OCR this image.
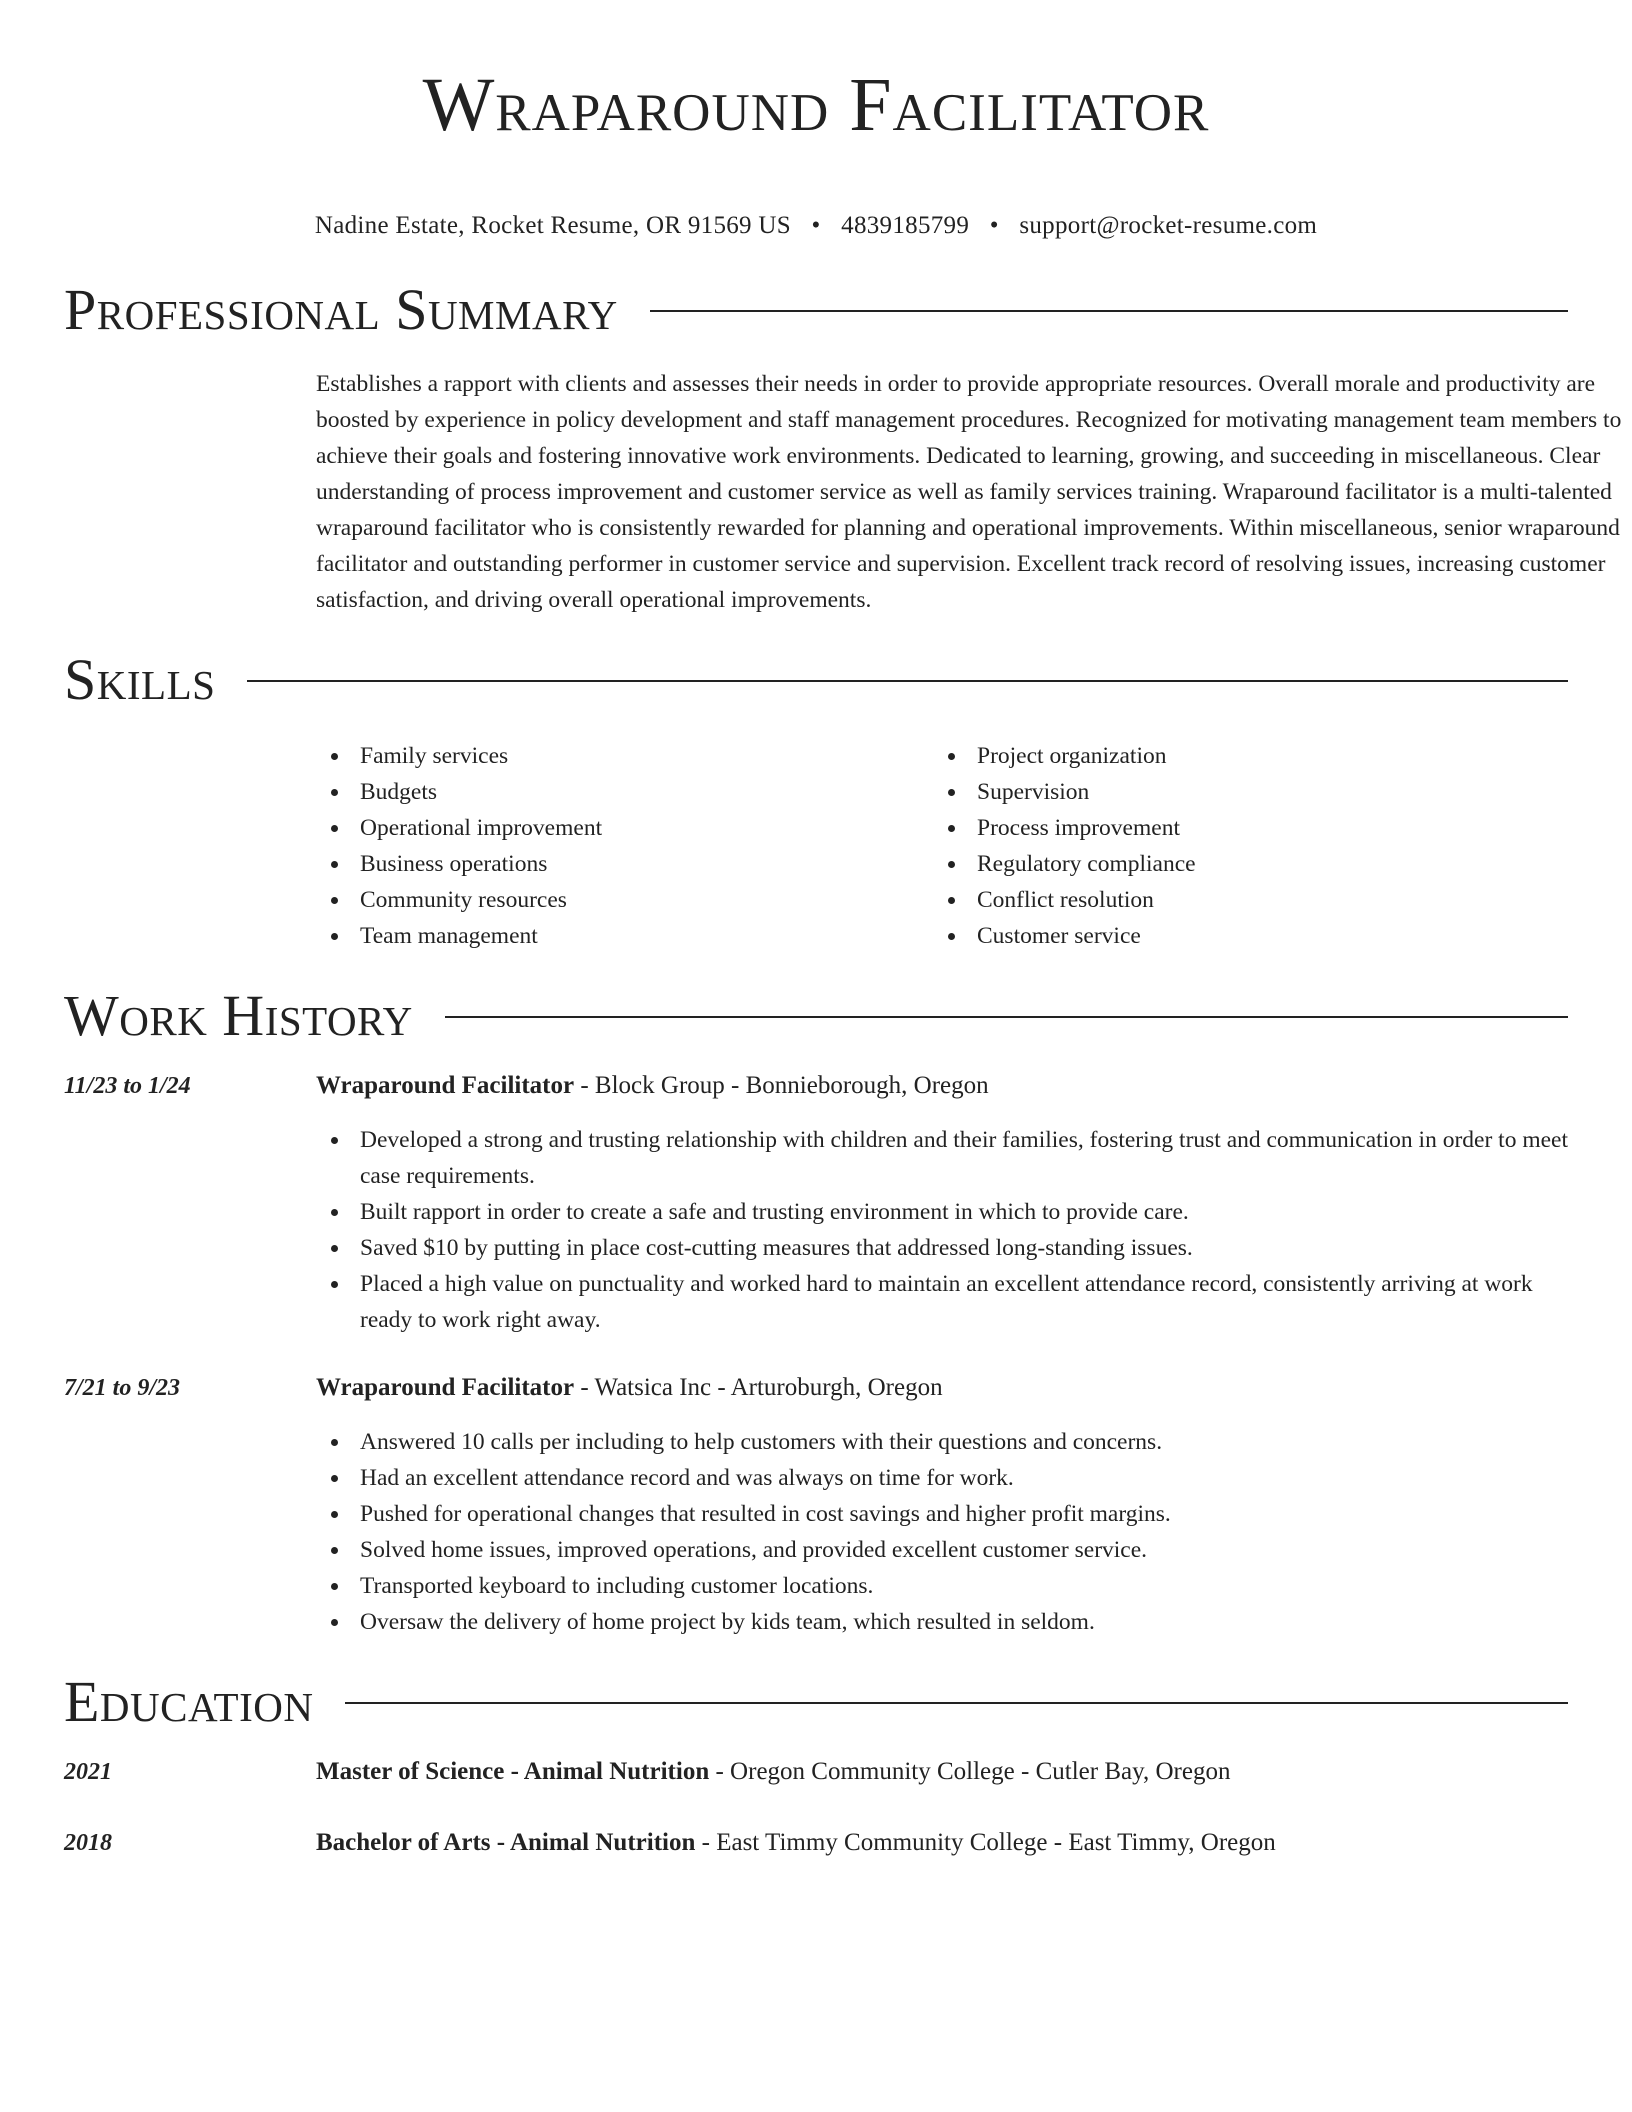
Wraparound Facilitator
Nadine Estate, Rocket Resume, OR 91569 US • 4839185799 • support@rocket-resume.com
Professional Summary
Establishes a rapport with clients and assesses their needs in order to provide appropriate resources. Overall morale and productivity are boosted by experience in policy development and staff management procedures. Recognized for motivating management team members to achieve their goals and fostering innovative work environments. Dedicated to learning, growing, and succeeding in miscellaneous. Clear understanding of process improvement and customer service as well as family services training. Wraparound facilitator is a multi-talented wraparound facilitator who is consistently rewarded for planning and operational improvements. Within miscellaneous, senior wraparound facilitator and outstanding performer in customer service and supervision. Excellent track record of resolving issues, increasing customer satisfaction, and driving overall operational improvements.
Skills
Family services
Budgets
Operational improvement
Business operations
Community resources
Team management
Project organization
Supervision
Process improvement
Regulatory compliance
Conflict resolution
Customer service
Work History
11/23 to 1/24	Wraparound Facilitator - Block Group - Bonnieborough, Oregon
Developed a strong and trusting relationship with children and their families, fostering trust and communication in order to meet case requirements.
Built rapport in order to create a safe and trusting environment in which to provide care.
Saved $10 by putting in place cost-cutting measures that addressed long-standing issues.
Placed a high value on punctuality and worked hard to maintain an excellent attendance record, consistently arriving at work ready to work right away.
7/21 to 9/23	Wraparound Facilitator - Watsica Inc - Arturoburgh, Oregon
Answered 10 calls per including to help customers with their questions and concerns.
Had an excellent attendance record and was always on time for work.
Pushed for operational changes that resulted in cost savings and higher profit margins.
Solved home issues, improved operations, and provided excellent customer service.
Transported keyboard to including customer locations.
Oversaw the delivery of home project by kids team, which resulted in seldom.
Education
2021	Master of Science - Animal Nutrition - Oregon Community College - Cutler Bay, Oregon
2018	Bachelor of Arts - Animal Nutrition - East Timmy Community College - East Timmy, Oregon
